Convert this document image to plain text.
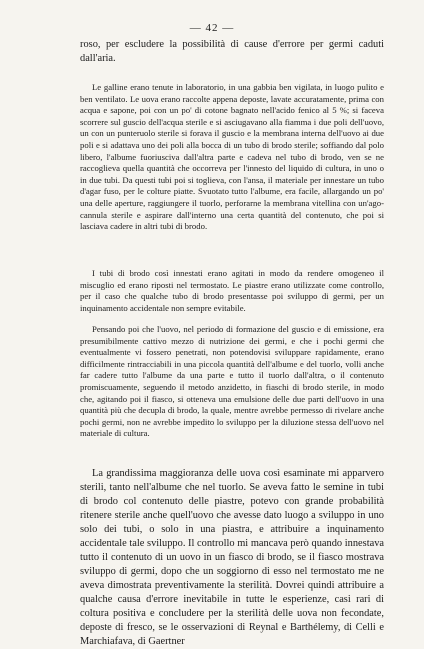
— 42 —

roso, per escludere la possibilità di cause d'errore per germi caduti dall'aria.

Le galline erano tenute in laboratorio, in una gabbia ben vigilata, in luogo pulito e ben ventilato. Le uova erano raccolte appena deposte, lavate accuratamente, prima con acqua e sapone, poi con un po' di cotone bagnato nell'acido fenico al 5 %; si faceva scorrere sul guscio dell'acqua sterile e si asciugavano alla fiamma i due poli dell'uovo, un con un punteruolo sterile si forava il guscio e la membrana interna dell'uovo ai due poli e si adattava uno dei poli alla bocca di un tubo di brodo sterile; soffiando dal polo libero, l'albume fuoriusciva dall'altra parte e cadeva nel tubo di brodo, ven se ne raccoglieva quella quantità che occorreva per l'innesto del liquido di cultura, in uno o in due tubi. Da questi tubi poi si toglieva, con l'ansa, il materiale per innestare un tubo d'agar fuso, per le colture piatte. Svuotato tutto l'albume, era facile, allargando un po' una delle aperture, raggiungere il tuorlo, perforarne la membrana vitellina con un'ago-cannula sterile e aspirare dall'interno una certa quantità del contenuto, che poi si lasciava cadere in altri tubi di brodo.

I tubi di brodo così innestati erano agitati in modo da rendere omogeneo il miscuglio ed erano riposti nel termostato. Le piastre erano utilizzate come controllo, per il caso che qualche tubo di brodo presentasse poi sviluppo di germi, per un inquinamento accidentale non sempre evitabile.

Pensando poi che l'uovo, nel periodo di formazione del guscio e di emissione, era presumibilmente cattivo mezzo di nutrizione dei germi, e che i pochi germi che eventualmente vi fossero penetrati, non potendovisi sviluppare rapidamente, erano difficilmente rintracciabili in una piccola quantità dell'albume e del tuorlo, volli anche far cadere tutto l'albume da una parte e tutto il tuorlo dall'altra, o il contenuto promiscuamente, seguendo il metodo anzidetto, in fiaschi di brodo sterile, in modo che, agitando poi il fiasco, si otteneva una emulsione delle due parti dell'uovo in una quantità più che decupla di brodo, la quale, mentre avrebbe permesso di rivelare anche pochi germi, non ne avrebbe impedito lo sviluppo per la diluzione stessa dell'uovo nel materiale di cultura.

La grandissima maggioranza delle uova così esaminate mi apparvero sterili, tanto nell'albume che nel tuorlo. Se aveva fatto le semine in tubi di brodo col contenuto delle piastre, potevo con grande probabilità ritenere sterile anche quell'uovo che avesse dato luogo a sviluppo in uno solo dei tubi, o solo in una piastra, e attribuire a inquinamento accidentale tale sviluppo. Il controllo mi mancava però quando innestava tutto il contenuto di un uovo in un fiasco di brodo, se il fiasco mostrava sviluppo di germi, dopo che un soggiorno di esso nel termostato me ne aveva dimostrata preventivamente la sterilità. Dovrei quindi attribuire a qualche causa d'errore inevitabile in tutte le esperienze, casi rari di coltura positiva e concludere per la sterilità delle uova non fecondate, deposte di fresco, se le osservazioni di Reynal e Barthélemy, di Celli e Marchiafava, di Gaertner
